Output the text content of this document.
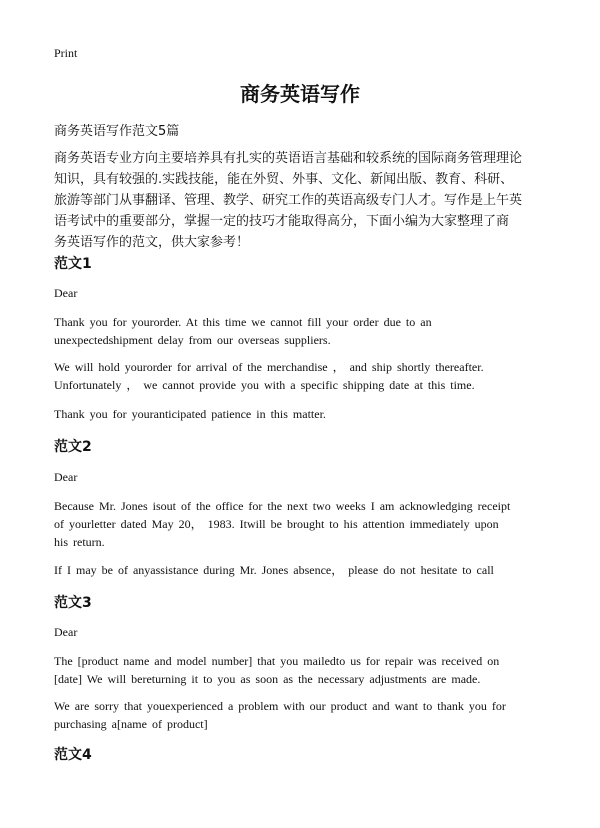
Print
商务英语写作
商务英语写作范文5篇

商务英语专业方向主要培养具有扎实的英语语言基础和较系统的国际商务管理理论

知识，具有较强的.实践技能，能在外贸、外事、文化、新闻出版、教育、科研、

旅游等部门从事翻译、管理、教学、研究工作的英语高级专门人才。写作是上午英

语考试中的重要部分，掌握一定的技巧才能取得高分，下面小编为大家整理了商

务英语写作的范文，供大家参考！

范文1

Dear

Thank you for yourorder. At this time we cannot fill your order due to an

unexpectedshipment delay from our overseas suppliers.

We will hold yourorder for arrival of the merchandise ， and ship shortly thereafter.

Unfortunately ， we cannot provide you with a specific shipping date at this time.

Thank you for youranticipated patience in this matter.

范文2

Dear

Because Mr. Jones isout of the office for the next two weeks I am acknowledging receipt

of yourletter dated May 20， 1983. Itwill be brought to his attention immediately upon

his return.

If I may be of anyassistance during Mr. Jones absence， please do not hesitate to call

范文3

Dear

The [product name and model number] that you mailedto us for repair was received on

[date] We will bereturning it to you as soon as the necessary adjustments are made.

We are sorry that youexperienced a problem with our product and want to thank you for

purchasing a[name of product]

范文4
